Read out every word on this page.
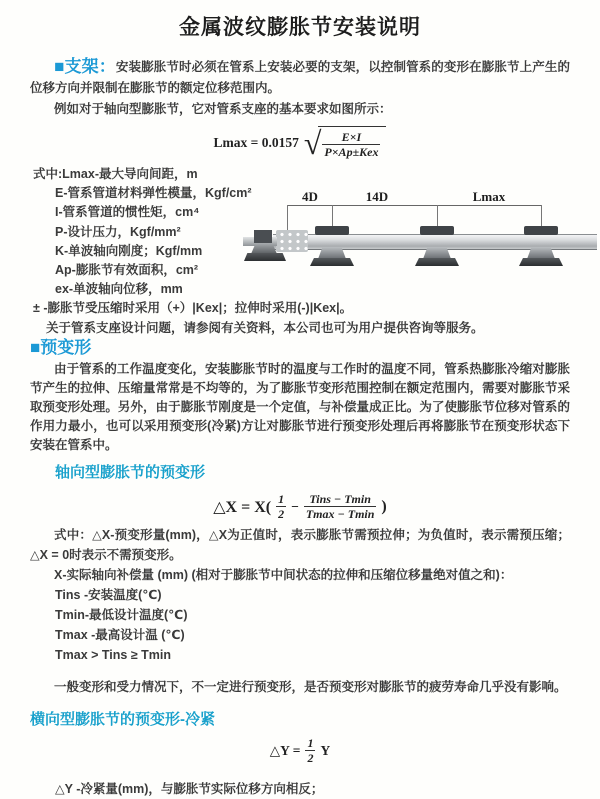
金属波纹膨胀节安装说明

■支架：安装膨胀节时必须在管系上安装必要的支架，以控制管系的变形在膨胀节上产生的位移方向并限制在膨胀节的额定位移范围内。

例如对于轴向型膨胀节，它对管系支座的基本要求如图所示：

Lmax = 0.0157 √ $\frac{E\times I}{\text{P×Ap±Kex}}$
式中:Lmax-最大导向间距，m
E-管系管道材料弹性模量，Kgf/cm²
I-管系管道的惯性矩，cm⁴
P-设计压力，Kgf/mm²
K-单波轴向刚度；Kgf/mm
Ap-膨胀节有效面积，cm²
ex-单波轴向位移，mm
± -膨胀节受压缩时采用（+）|Kex|；拉伸时采用(-)|Kex|。
关于管系支座设计问题，请参阅有关资料，本公司也可为用户提供咨询等服务。
■预变形

由于管系的工作温度变化，安装膨胀节时的温度与工作时的温度不同，管系热膨胀冷缩对膨胀节产生的拉伸、压缩量常常是不均等的，为了膨胀节变形范围控制在额定范围内，需要对膨胀节采取预变形处理。另外，由于膨胀节刚度是一个定值，与补偿量成正比。为了使膨胀节位移对管系的作用力最小，也可以采用预变形(冷紧)方让对膨胀节进行预变形处理后再将膨胀节在预变形状态下安装在管系中。

轴向型膨胀节的预变形
△X = $X( \frac{1}{2} - \frac{\text{Tins − Tmin}}{Tmax - Tmin}$ )

式中：△X-预变形量(mm)，△X为正值时，表示膨胀节需预拉伸；为负值时，表示需预压缩；△X = 0时表示不需预变形。

X-实际轴向补偿量 (mm) (相对于膨胀节中间状态的拉伸和压缩位移量绝对值之和)：

Tins -安装温度(℃)
Tmin-最低设计温度(℃)
Tmax -最高设计温 (℃)
Tmax > Tins ≥ Tmin

一般变形和受力情况下，不一定进行预变形，是否预变形对膨胀节的疲劳寿命几乎没有影响。

横向型膨胀节的预变形-冷紧
△Y = $\frac{1}{2}$ Y
△Y -冷紧量(mm)，与膨胀节实际位移方向相反；
4D	14D	Lmax
